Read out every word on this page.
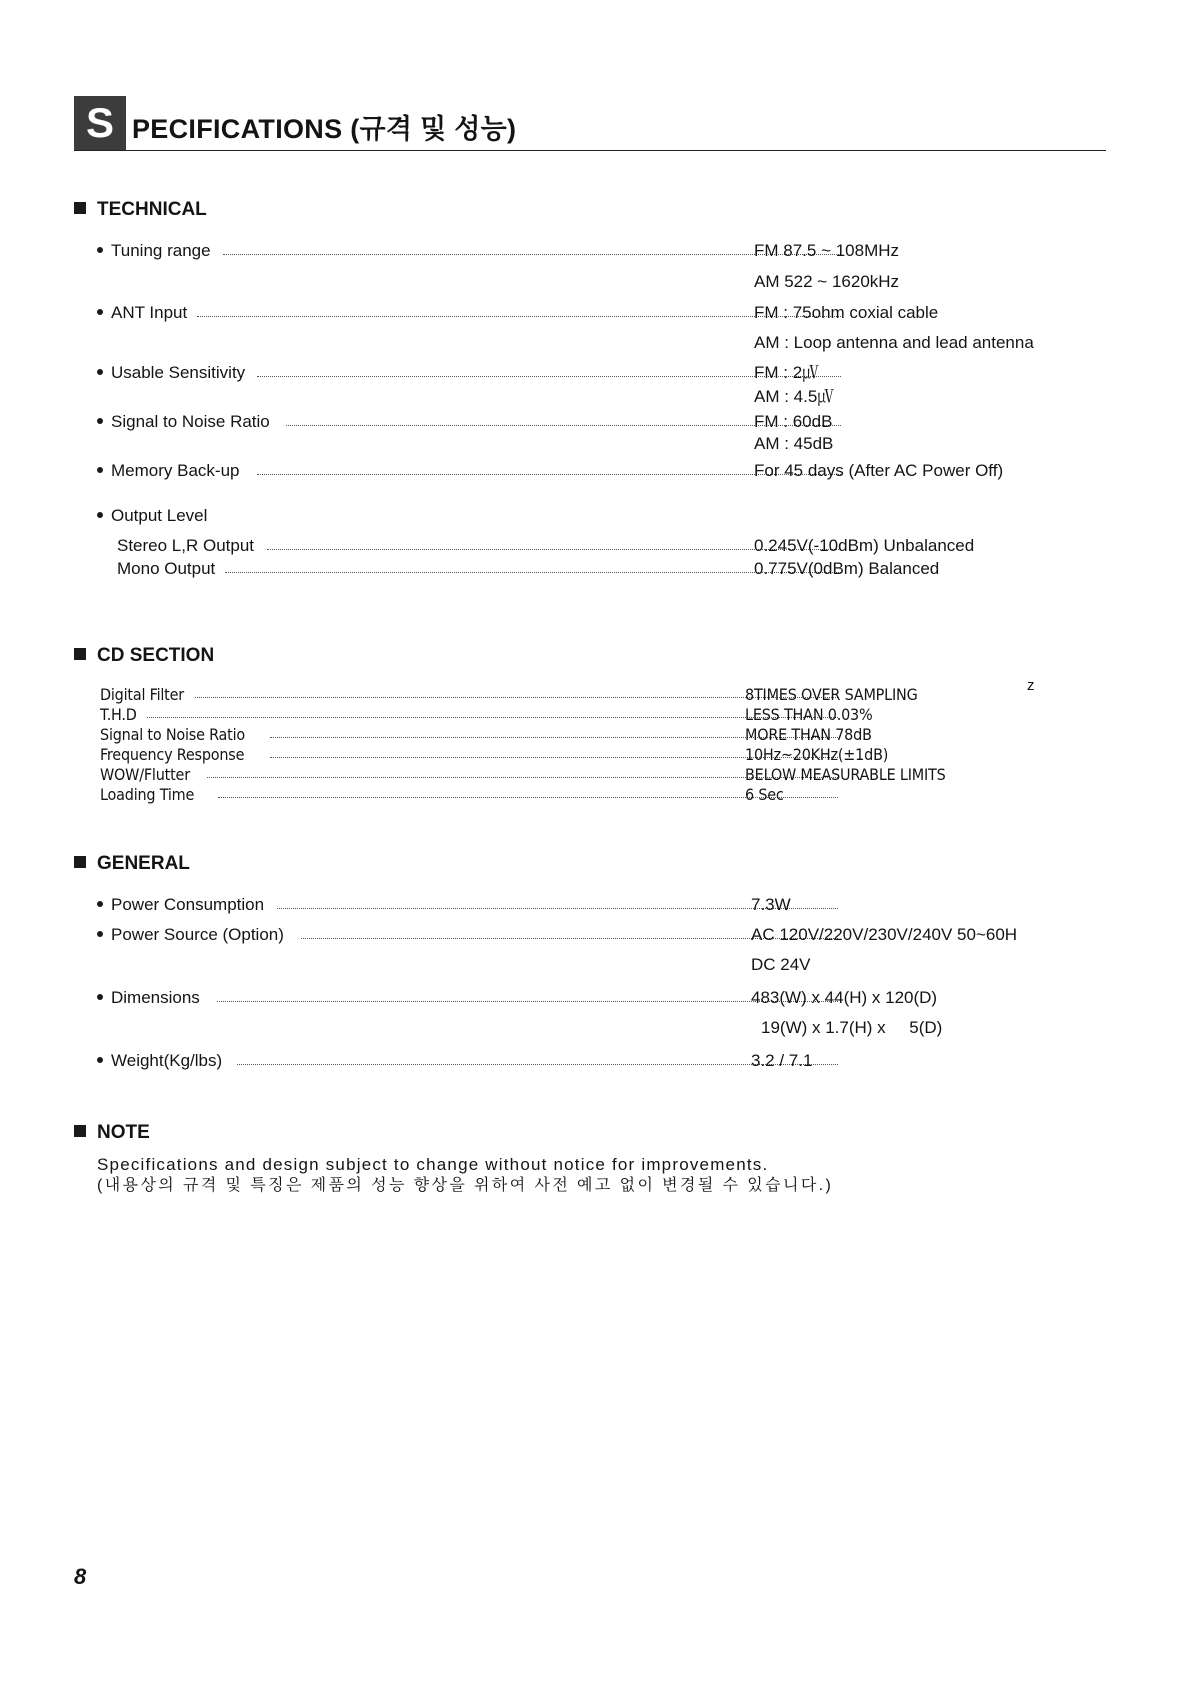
S PECIFICATIONS (규격 및 성능)
TECHNICAL
Tuning range	FM 87.5 ~ 108MHz
AM 522 ~ 1620kHz
ANT Input	FM : 75ohm coxial cable
AM : Loop antenna and lead antenna
Usable Sensitivity	FM : 2㎶
AM : 4.5㎶
Signal to Noise Ratio	FM : 60dB
AM : 45dB
Memory Back-up	For 45 days (After AC Power Off)
Output Level
Stereo L,R Output	0.245V(-10dBm) Unbalanced
Mono Output	0.775V(0dBm) Balanced
CD SECTION
z
Digital Filter	8TIMES OVER SAMPLING
T.H.D	LESS THAN 0.03%
Signal to Noise Ratio	MORE THAN 78dB
Frequency Response	10Hz~20KHz(±1dB)
WOW/Flutter	BELOW MEASURABLE LIMITS
Loading Time	6 Sec
GENERAL
Power Consumption	7.3W
Power Source (Option)	AC 120V/220V/230V/240V 50~60H
DC 24V
Dimensions	483(W) x 44(H) x 120(D)
19(W) x 1.7(H) x     5(D)
Weight(Kg/lbs)	3.2 / 7.1
NOTE
Specifications and design subject to change without notice for improvements.
(내용상의 규격 및 특징은 제품의 성능 향상을 위하여 사전 예고 없이 변경될 수 있습니다.)
8
